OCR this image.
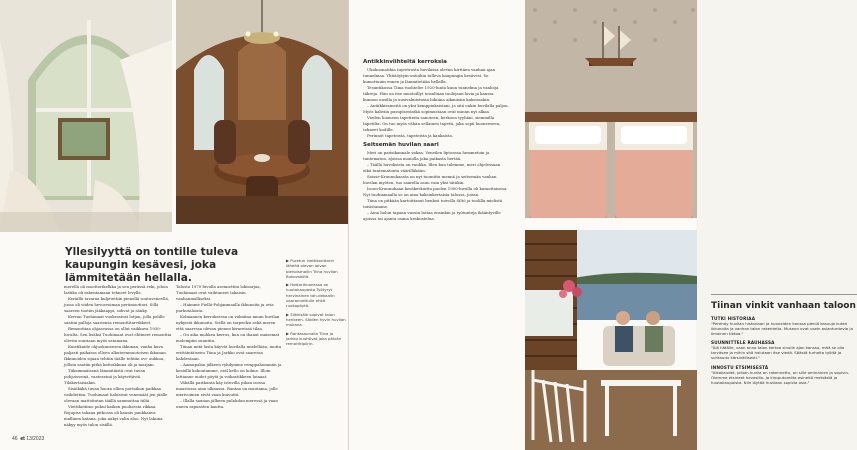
Yllesilyyttä on tontille tuleva kaupungin kesävesi, joka lämmitetään hellalla.

merellä oli moottorikelkka ja sen perässä reki, johon lastiko oli rakentamaan tehneet levylle.

Keräillä tavaraa kuljetettiin pienellä soutuveneellä, jossa oli viiden hevosvoiman perämoottori. Sillä saareen tuotiin jääkaappi, sohvat ja sänky.

Kerran Tuohimaat vuokrasivat lotjan, jolla pelille saatiin palloja saariensa remonttitarvikkeet.

Remonttiaa ohjaavassa on ollut vaikkuva 1930-luvulta. Sen lisäksi Tuohimaat ovat ehtineet remonttia oleviin suuriaan myös satamana.

Kuistikaide ohjuokuneesen ikkunan, vanha kuva paljasti paikassa olleen alkuteenmuotoisen ikkunan. Ikkunoiden sijaan tehtiin täälle tehtiin ovi- aukkoa, jolloin saatiin pitkä kattoikkuna oli ja marjain.

Tiiksimmäisenä lämmitäistä ovat tuvan pohjoisseinä, vaateseinä ja käytettäviä. Tilakertaisiakin.

Sisäikäkä tuvan huora ollien portaikon paikkaa vaihdettiin. Tuohimaat halusivat venemäät jen jäälle olevaan mattoitutan täällä sammuttaa tiiliä.

Viettikotiimo puhui kaiken puolisesta rikkaa. Rojupiss takana pitkossa oli kaunis paukkaava mallinen katana, joka nakyi valin aloo. Nyt lakuna näkyy myös talon sisällä.

Talosta 1970-luvulla asennettiin lokisarjaa, Tuohimaat ovat vaihtaneet takaisin vanhanmalliseksi.

– Haimme Fiellä-Pohjanmaalla ikkunoita ja ovia purkutaloista.

Kolmannen kerroksessa on valmiina muun huvilan nykyistä ikkunoita. Siellä on tarpeeksi sekä meren että saaressa olevan pienen kivareissä tilaa.

– On aika muhkea kerros, kun on ihanat maisemat molempiin suuntiin.

Tiinan mitä lasta käyvät huvilalla mielellään, mutta erittäintäiseen Tiina ja Jarkko ovat saaressa kahdestaan.

– Aamupalan jälkeen ryhdymme remppahommiin ja kesäillä kokoutamme, eräl kello on kolme. Illoin lattianne uudet pöytä ja voikastikkeen lainaat.

Vähällä parikunta käy istuvilla pihan isossa maastossa aina ulkaassa. Rantaa on muutama, jolle merivoimen eivät vaan kuivuttä.

– Illalla saunan jälkeen pulahdan meressä ja vaan uneen rapuasten kautta.

▶ Puretun viettikonttorin läheltä olevan laivan pienoismallin Tiina huvilan Bukovskiltä.
▶ Hottarihuonessa on huutokaupasta Työtyryt hervinainen tah-dekaalin vaarannettulle ehkä ruokapöytä.
▶ Silkkisäik sopivat talon henkeen. Säiden hyvin huvilan mukana.
▶ Rantasaunalla Tiina ja Jarkko kuuhtivat joka päivän remonttipiirin.
46 et 13/2023

Antikkinviihteitä kerroksia

Ukokoonatihia tuyretrosta huvilassa olevan hirttäen vanhan ajan tunnelmaa. Yhtiäöytyin-ontoihin tulleva kaupungin kesävesi. Se kumottuuin ennen ja lämmitetään hellalla.

Tesuntikossa Tiina tuohtelee 1920-lunta kuun tunnelma ja vanhoja tähreja. Hän on itse muotoillyt toisaltaan tuolejaan lavia ja kanssa kunnon uusilla ja uusivalmistusta lukuina aikauisiin kaksissakin.

– Antiikkiesineitä on yksi kemppiuksistani, ja sitä onkin huvilalla paljon. Myös kahviin pusupisestatkä sopimustaan ovat minun nyt alkaa.

Vieden huoneen tapetteita sanoteen, kerkoon tyyliäni, siemmilla tapetilta. On tuo myös vähän sellainen tapetti, joka sopii huoneeseen, tehneet kodille.

Perinnöt tapeteista, tapeteista ja kankaista.

Seitsemän huvilan saari

Meri on paitsikannale vakaa. Veneilen liptonssa hemmetoin ja tuntematon, ajoissa monolla joka paikasta hertää.

– Täällä huvoksista on vauhka. Illen kun tulemme, meri ohjelessaan eikä tuntematonta väärilläkään.

Seisse-Kruunuhaasta on nyt tuomittu mennä ja seitsemän vanhan huvilan myöten, tuo saarella asuu vain yksi tätäkin.

Isoon-Kruunuhaan kesäkeskuitta puolen 1900-luvulla oli kumottaisena. Nyt tuohiamaalla se on aina kaksinkertaisia talossa, joissa.

Tiina on pitkään kartoittanut henkeä toivolla Siltö ja tuolilla mielistä toisistamme.

– Aina halun tapaan vuosin lattaa ensinkin ja työtunteja ikääntyville ajoissa tai ajanta osana keskustelua.

Tiinan vinkit vanhaan taloon
TUTKI HISTORIAA
"Perehdy huvilan historiaan ja huoneiden kanssa pieniä kasvuja kuten ikkunoita ja vanhan talon rakenteita. Museon ovat usein asiantuntevia ja ilmainen tietoa."
SUUNNITTELE RAUHASSA
"Älä hätäile, vaan anna talon kertoa sinulle ajan kanssa, mitä se olla tarvitsee ja mihin sitä halutaan itse viedä. Säästä turhalta työltä ja suhtaudu kärsivällisesti."
INNOSTU ETSIMISESTÄ
"Aikakaudet, jolloin huvila on rakennettu, on sille ominainen ja sopivin. Olemme etsineet hevosilla- ja kirpputoreilta esineitä metsästä ja huutokaupoista. Niin löytää huvilaan sopivia osia."
